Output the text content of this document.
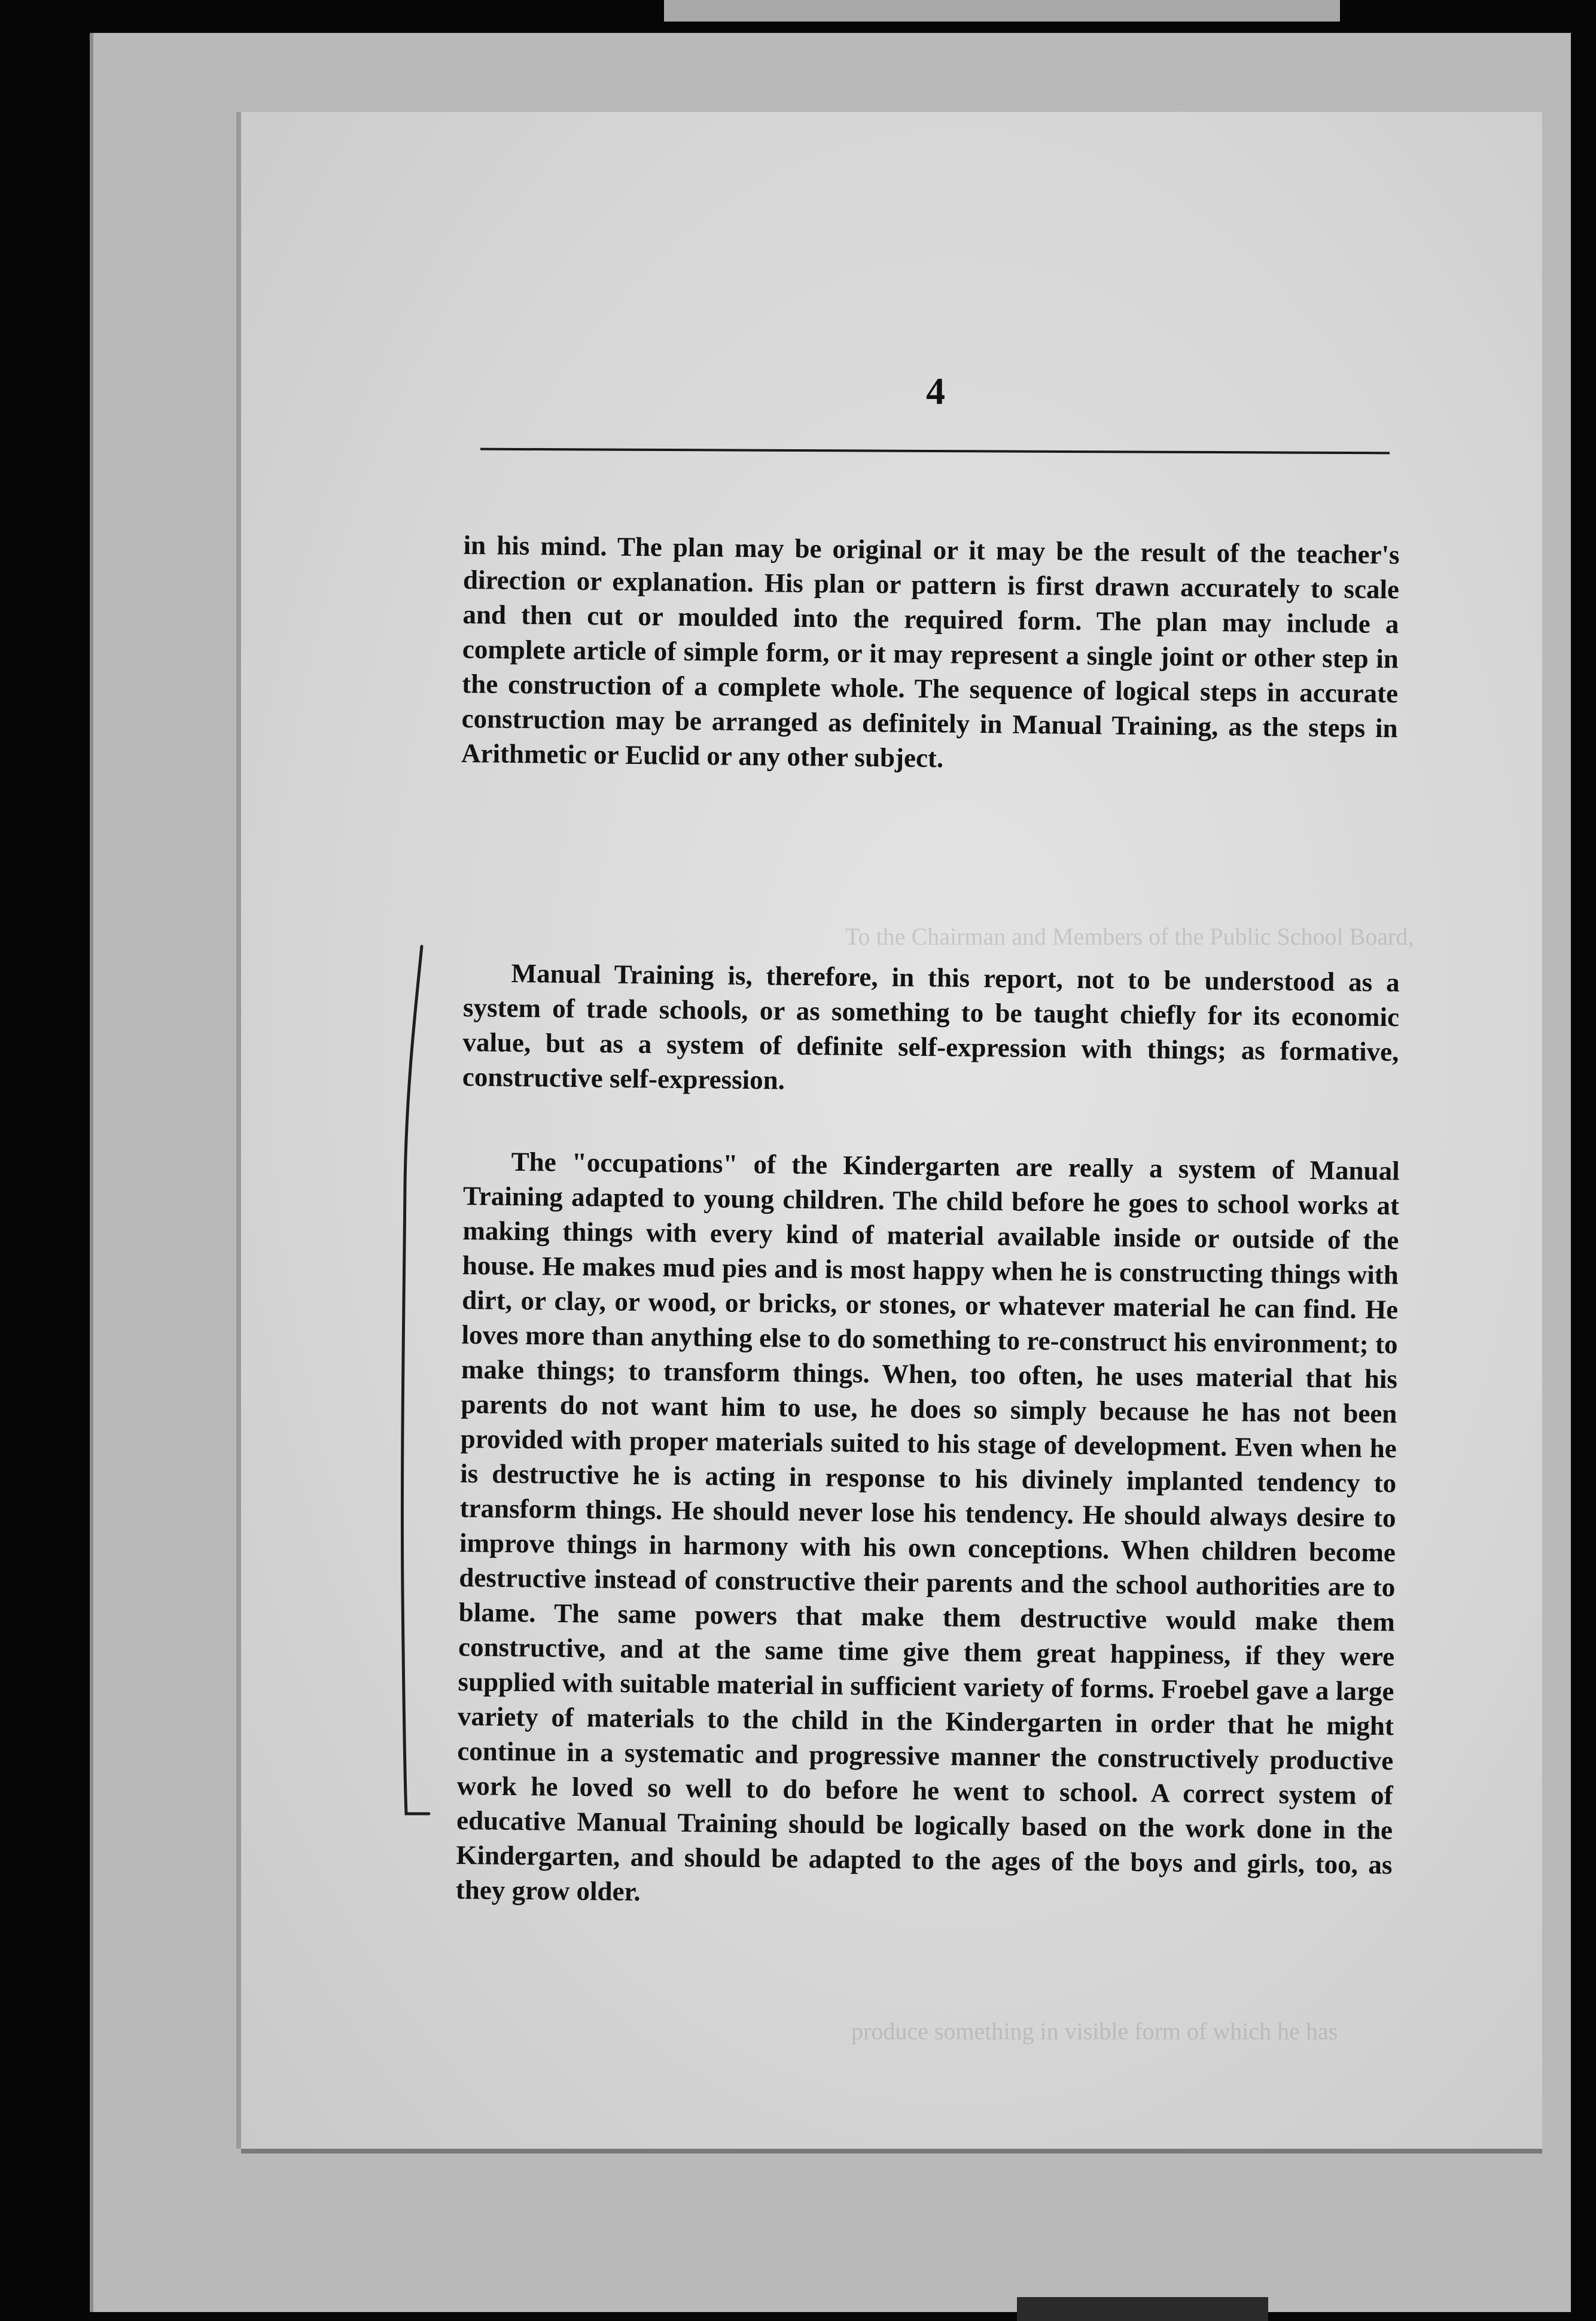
4
To the Chairman and Members of the Public School Board,
produce something in visible form of which he has

in his mind. The plan may be original or it may be the result of the teacher's direction or explanation. His plan or pattern is first drawn accurately to scale and then cut or moulded into the required form. The plan may include a complete article of simple form, or it may represent a single joint or other step in the construction of a complete whole. The sequence of logical steps in accurate construction may be arranged as definitely in Manual Training, as the steps in Arithmetic or Euclid or any other subject.

Manual Training is, therefore, in this report, not to be understood as a system of trade schools, or as something to be taught chiefly for its economic value, but as a system of definite self-expression with things; as formative, constructive self-expression.

The "occupations" of the Kindergarten are really a system of Manual Training adapted to young children. The child before he goes to school works at making things with every kind of material available inside or outside of the house. He makes mud pies and is most happy when he is constructing things with dirt, or clay, or wood, or bricks, or stones, or whatever material he can find. He loves more than anything else to do something to re-construct his environment; to make things; to transform things. When, too often, he uses material that his parents do not want him to use, he does so simply because he has not been provided with proper materials suited to his stage of development. Even when he is destructive he is acting in response to his divinely implanted tendency to transform things. He should never lose his tendency. He should always desire to improve things in harmony with his own conceptions. When children become destructive instead of constructive their parents and the school authorities are to blame. The same powers that make them destructive would make them constructive, and at the same time give them great happiness, if they were supplied with suitable material in sufficient variety of forms. Froebel gave a large variety of materials to the child in the Kindergarten in order that he might continue in a systematic and progressive manner the constructively productive work he loved so well to do before he went to school. A correct system of educative Manual Training should be logically based on the work done in the Kindergarten, and should be adapted to the ages of the boys and girls, too, as they grow older.
